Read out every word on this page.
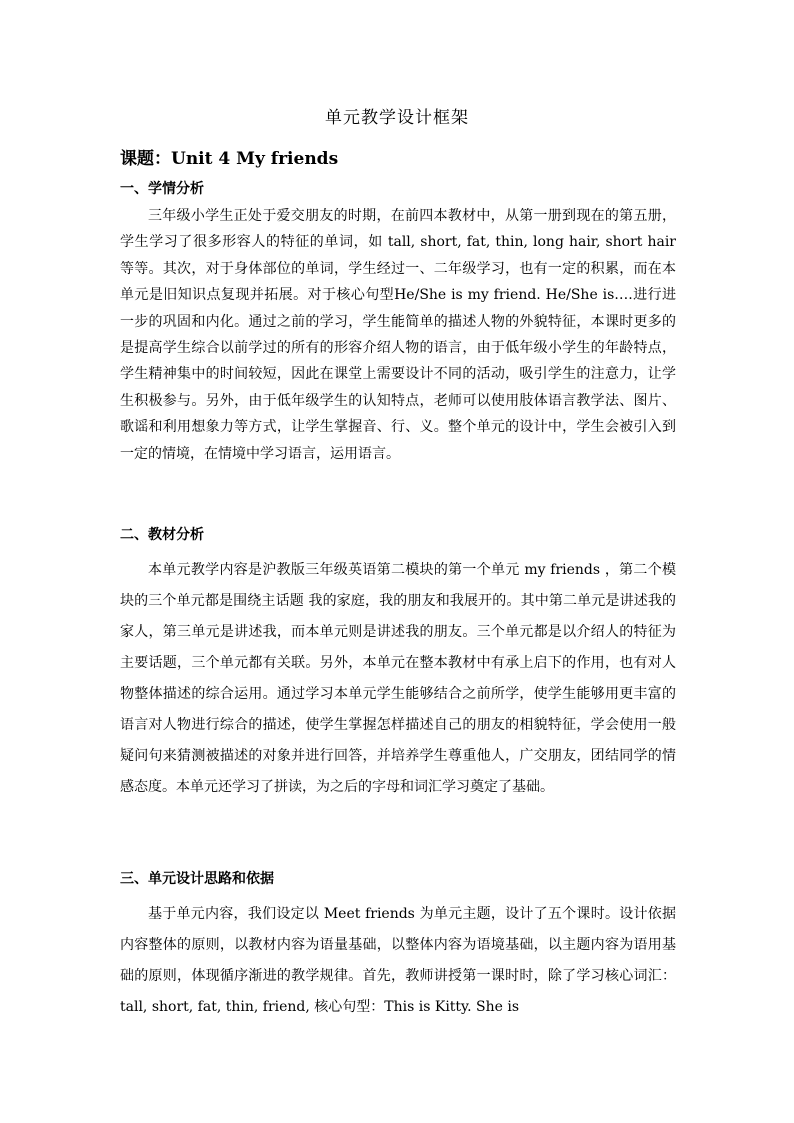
单元教学设计框架
课题：Unit 4 My friends
一、学情分析
三年级小学生正处于爱交朋友的时期，在前四本教材中，从第一册到现在的第五册，学生学习了很多形容人的特征的单词，如 tall, short, fat, thin, long hair, short hair 等等。其次，对于身体部位的单词，学生经过一、二年级学习，也有一定的积累，而在本单元是旧知识点复现并拓展。对于核心句型He/She is my friend. He/She is….进行进一步的巩固和内化。通过之前的学习，学生能简单的描述人物的外貌特征，本课时更多的是提高学生综合以前学过的所有的形容介绍人物的语言，由于低年级小学生的年龄特点，学生精神集中的时间较短，因此在课堂上需要设计不同的活动，吸引学生的注意力，让学生积极参与。另外，由于低年级学生的认知特点，老师可以使用肢体语言教学法、图片、歌谣和利用想象力等方式，让学生掌握音、行、义。整个单元的设计中，学生会被引入到一定的情境，在情境中学习语言，运用语言。
二、教材分析
本单元教学内容是沪教版三年级英语第二模块的第一个单元 my friends ，第二个模块的三个单元都是围绕主话题 我的家庭，我的朋友和我展开的。其中第二单元是讲述我的家人，第三单元是讲述我，而本单元则是讲述我的朋友。三个单元都是以介绍人的特征为主要话题，三个单元都有关联。另外，本单元在整本教材中有承上启下的作用，也有对人物整体描述的综合运用。通过学习本单元学生能够结合之前所学，使学生能够用更丰富的语言对人物进行综合的描述，使学生掌握怎样描述自己的朋友的相貌特征，学会使用一般疑问句来猜测被描述的对象并进行回答，并培养学生尊重他人，广交朋友，团结同学的情感态度。本单元还学习了拼读，为之后的字母和词汇学习奠定了基础。
三、单元设计思路和依据
基于单元内容，我们设定以 Meet friends 为单元主题，设计了五个课时。设计依据内容整体的原则，以教材内容为语量基础，以整体内容为语境基础，以主题内容为语用基础的原则，体现循序渐进的教学规律。首先，教师讲授第一课时时，除了学习核心词汇：tall, short, fat, thin, friend, 核心句型：This is Kitty. She is
